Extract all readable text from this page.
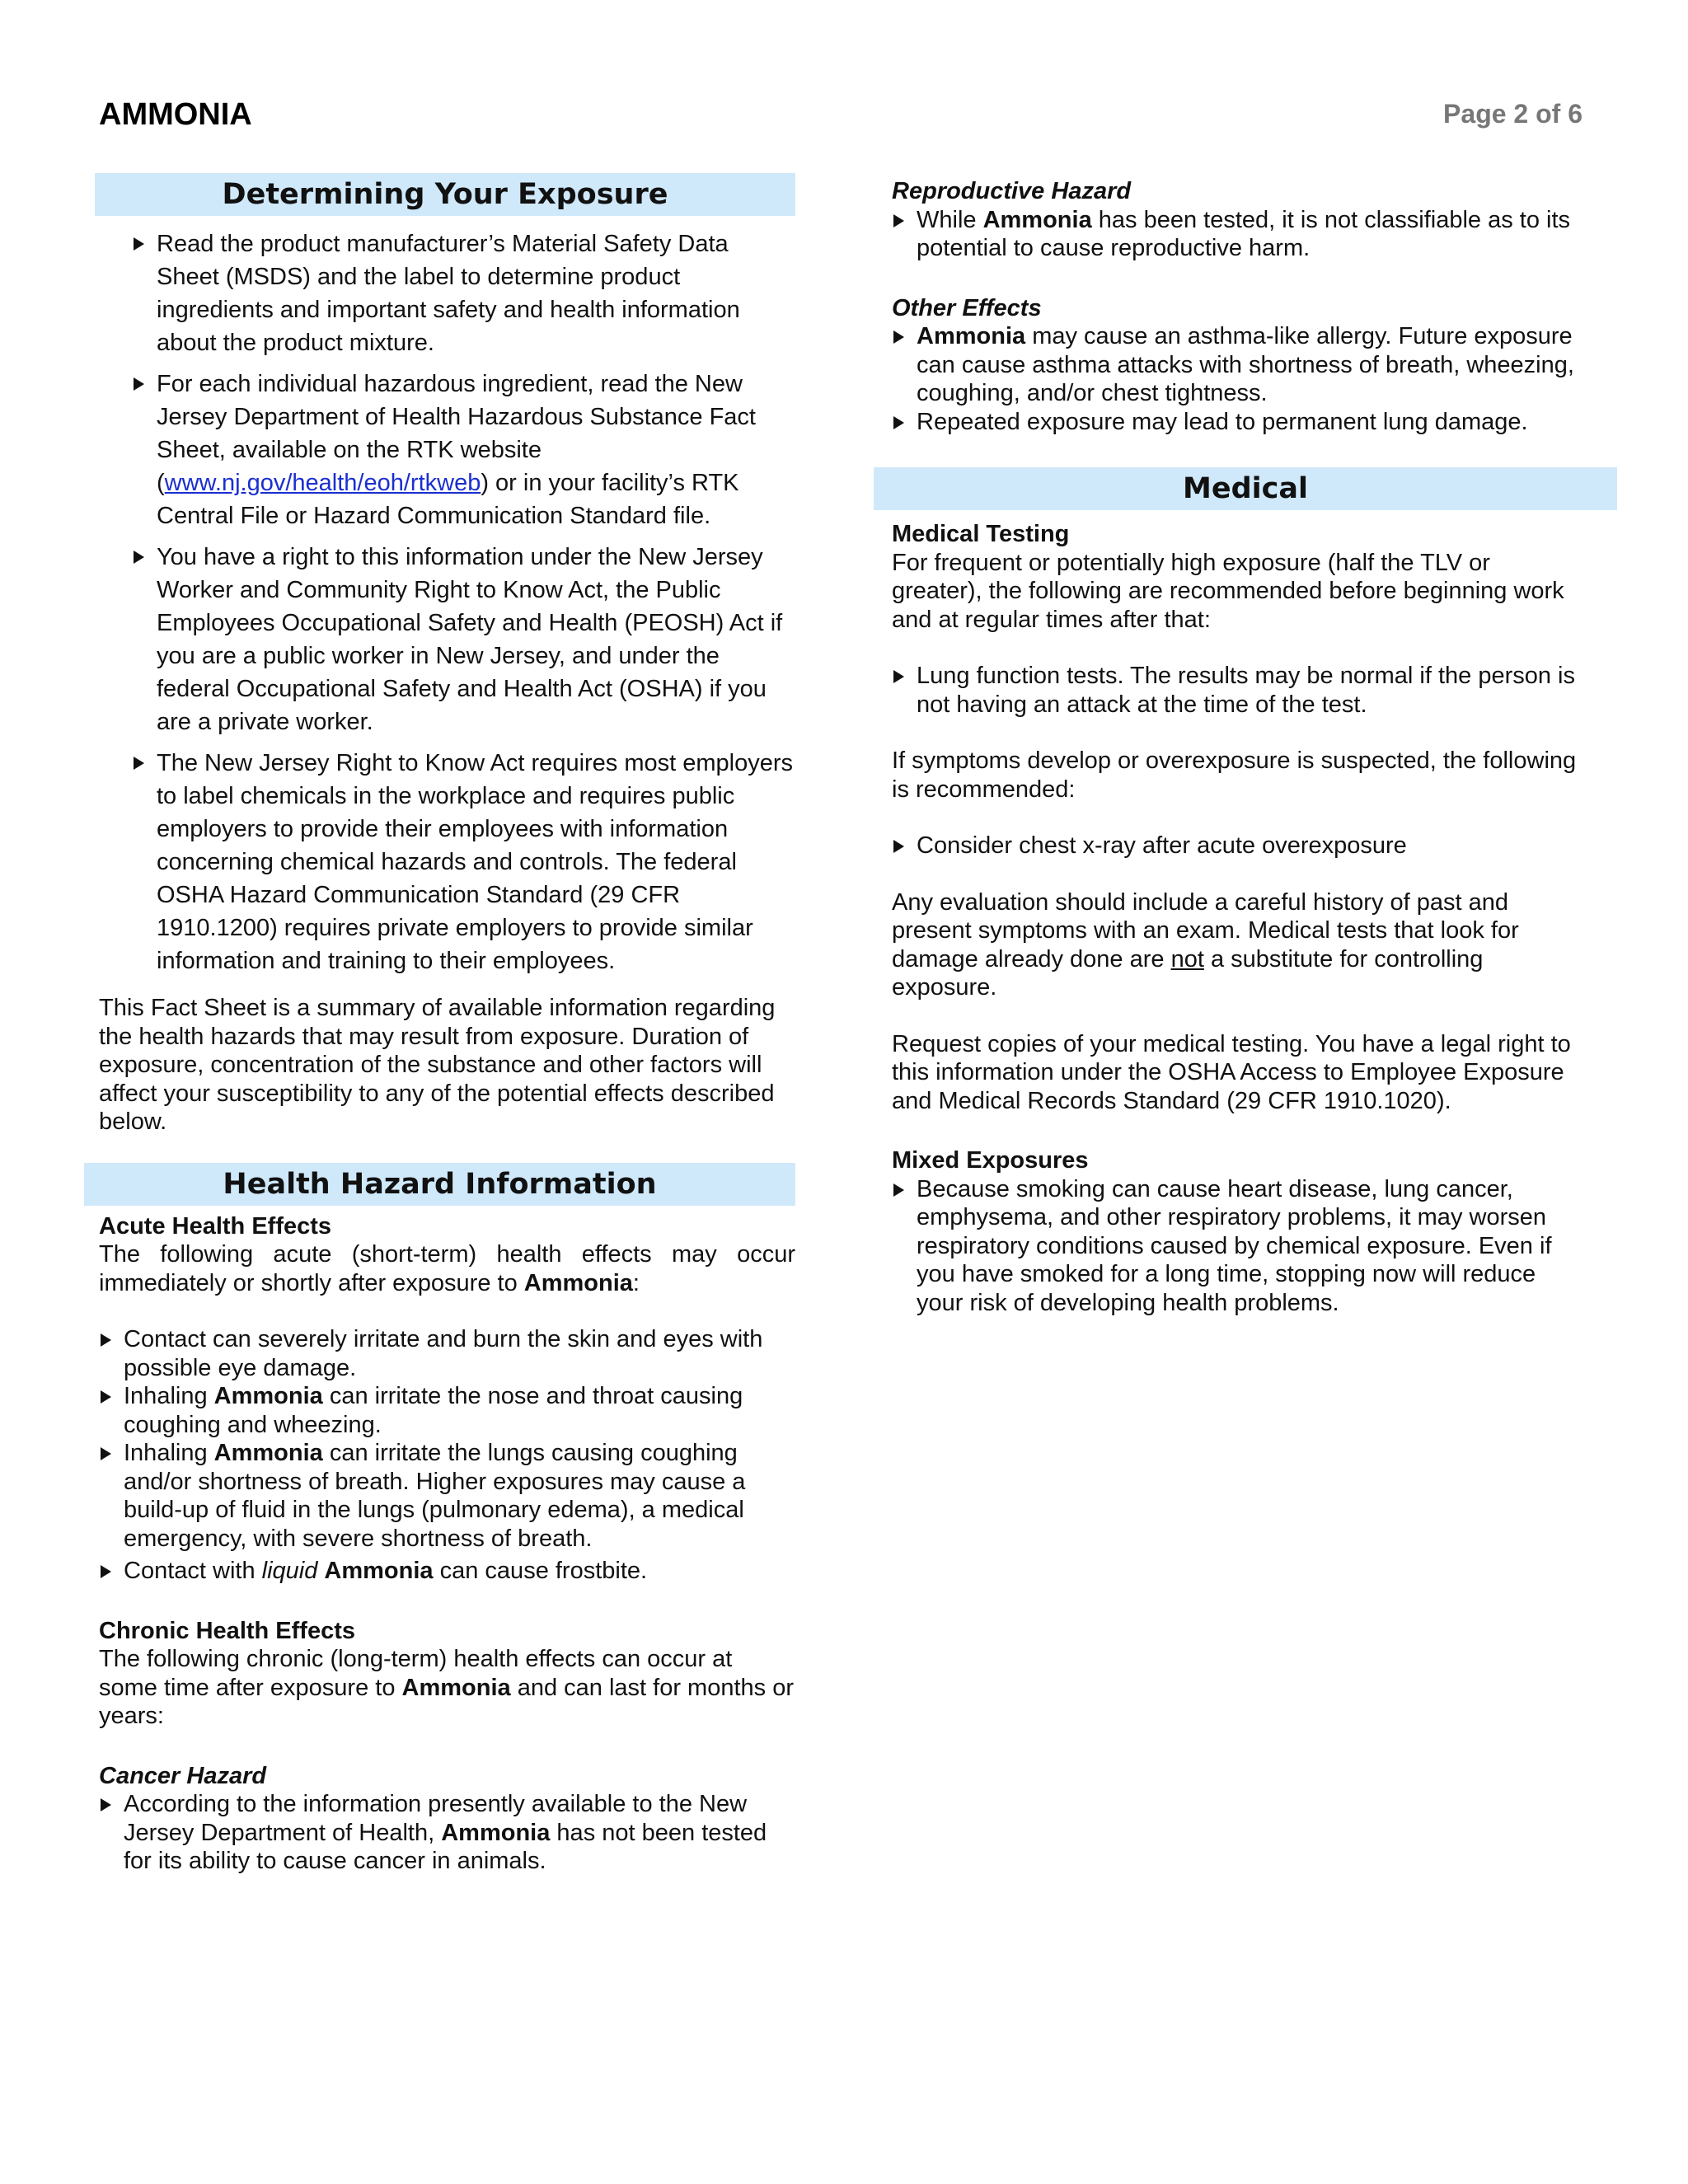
AMMONIA	Page 2 of 6
Determining Your Exposure
Read the product manufacturer’s Material Safety Data Sheet (MSDS) and the label to determine product ingredients and important safety and health information about the product mixture.
For each individual hazardous ingredient, read the New Jersey Department of Health Hazardous Substance Fact Sheet, available on the RTK website (www.nj.gov/health/eoh/rtkweb) or in your facility’s RTK Central File or Hazard Communication Standard file.
You have a right to this information under the New Jersey Worker and Community Right to Know Act, the Public Employees Occupational Safety and Health (PEOSH) Act if you are a public worker in New Jersey, and under the federal Occupational Safety and Health Act (OSHA) if you are a private worker.
The New Jersey Right to Know Act requires most employers to label chemicals in the workplace and requires public employers to provide their employees with information concerning chemical hazards and controls. The federal OSHA Hazard Communication Standard (29 CFR 1910.1200) requires private employers to provide similar information and training to their employees.

This Fact Sheet is a summary of available information regarding the health hazards that may result from exposure. Duration of exposure, concentration of the substance and other factors will affect your susceptibility to any of the potential effects described below.

Health Hazard Information

Acute Health Effects

The following acute (short-term) health effects may occur immediately or shortly after exposure to Ammonia:

Contact can severely irritate and burn the skin and eyes with possible eye damage.
Inhaling Ammonia can irritate the nose and throat causing coughing and wheezing.
Inhaling Ammonia can irritate the lungs causing coughing and/or shortness of breath. Higher exposures may cause a build-up of fluid in the lungs (pulmonary edema), a medical emergency, with severe shortness of breath.
Contact with liquid Ammonia can cause frostbite.

Chronic Health Effects

The following chronic (long-term) health effects can occur at some time after exposure to Ammonia and can last for months or years:

Cancer Hazard

According to the information presently available to the New Jersey Department of Health, Ammonia has not been tested for its ability to cause cancer in animals.

Reproductive Hazard

While Ammonia has been tested, it is not classifiable as to its potential to cause reproductive harm.

Other Effects

Ammonia may cause an asthma-like allergy. Future exposure can cause asthma attacks with shortness of breath, wheezing, coughing, and/or chest tightness.
Repeated exposure may lead to permanent lung damage.
Medical

Medical Testing

For frequent or potentially high exposure (half the TLV or greater), the following are recommended before beginning work and at regular times after that:

Lung function tests. The results may be normal if the person is not having an attack at the time of the test.

If symptoms develop or overexposure is suspected, the following is recommended:

Consider chest x-ray after acute overexposure

Any evaluation should include a careful history of past and present symptoms with an exam. Medical tests that look for damage already done are not a substitute for controlling exposure.

Request copies of your medical testing. You have a legal right to this information under the OSHA Access to Employee Exposure and Medical Records Standard (29 CFR 1910.1020).

Mixed Exposures

Because smoking can cause heart disease, lung cancer, emphysema, and other respiratory problems, it may worsen respiratory conditions caused by chemical exposure. Even if you have smoked for a long time, stopping now will reduce your risk of developing health problems.
